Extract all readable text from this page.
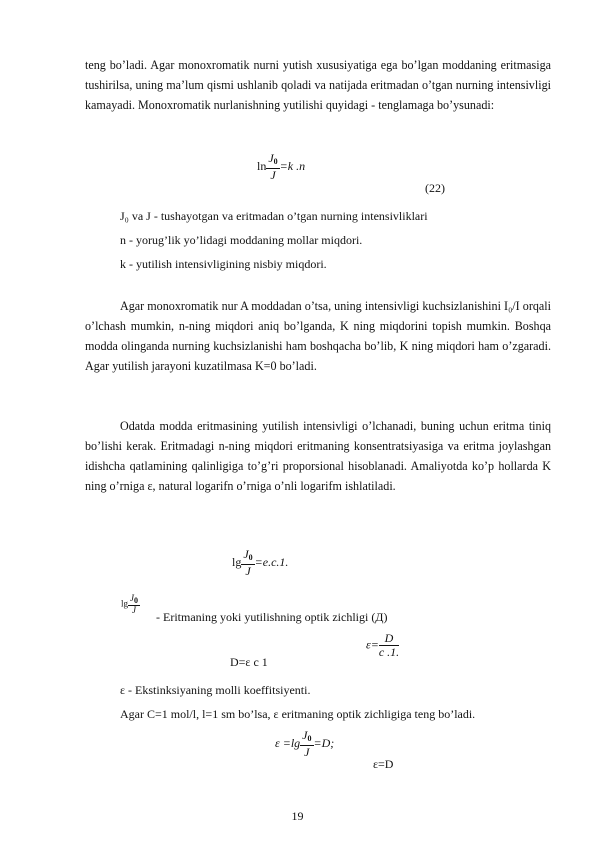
teng bo’ladi. Agar monoxromatik nurni yutish xususiyatiga ega bo’lgan moddaning eritmasiga tushirilsa, uning ma’lum qismi ushlanib qoladi va natijada eritmadan o’tgan nurning intensivligi kamayadi. Monoxromatik nurlanishning yutilishi quyidagi - tenglamaga bo’ysunadi:

$\ln \frac{J_0}{J} =k$ .n
(22)
J₀ va J - tushayotgan va eritmadan o’tgan nurning intensivliklari
n - yorug’lik yo’lidagi moddaning mollar miqdori.
k - yutilish intensivligining nisbiy miqdori.

Agar monoxromatik nur A moddadan o’tsa, uning intensivligi kuchsizlanishini I₀/I orqali o’lchash mumkin, n-ning miqdori aniq bo’lganda, K ning miqdorini topish mumkin. Boshqa modda olinganda nurning kuchsizlanishi ham boshqacha bo’lib, K ning miqdori ham o’zgaradi. Agar yutilish jarayoni kuzatilmasa K=0 bo’ladi.

Odatda modda eritmasining yutilish intensivligi o’lchanadi, buning uchun eritma tiniq bo’lishi kerak. Eritmadagi n-ning miqdori eritmaning konsentratsiyasiga va eritma joylashgan idishcha qatlamining qalinligiga to’g’ri proporsional hisoblanadi. Amaliyotda ko’p hollarda K ning o’rniga ε, natural logarifn o’rniga o’nli logarifm ishlatiladi.

$\lg \frac{J_0}{J} =е.c.1$.
$\lg \frac{J0}{J}$
- Eritmaning yoki yutilishning optik zichligi (Д)
$\varepsilon= \frac{D}{c .1.}$
D=ε c 1
ε - Ekstinksiyaning molli koeffitsiyenti.
Agar C=1 mol/l, l=1 sm bo’lsa, ε eritmaning optik zichligiga teng bo’ladi.
$\varepsilon =\lg \frac{J_0}{J} =D$;
ε=D
19
